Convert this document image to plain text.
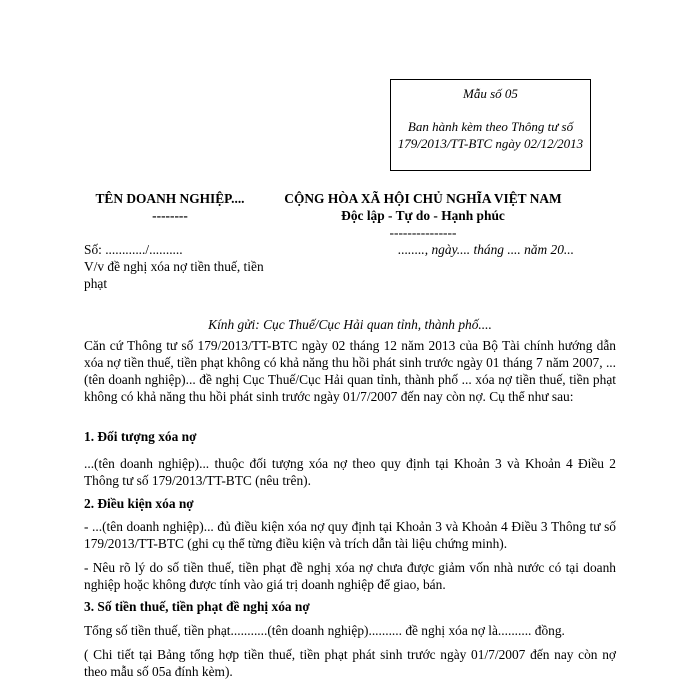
Mẫu số 05
Ban hành kèm theo Thông tư số 179/2013/TT-BTC ngày 02/12/2013
TÊN DOANH NGHIỆP....
--------
CỘNG HÒA XÃ HỘI CHỦ NGHĨA VIỆT NAM
Độc lập - Tự do - Hạnh phúc
---------------
Số: ............/..........	........, ngày.... tháng .... năm 20...
V/v đề nghị xóa nợ tiền thuế, tiền phạt
Kính gửi: Cục Thuế/Cục Hải quan tỉnh, thành phố....
Căn cứ Thông tư số 179/2013/TT-BTC ngày 02 tháng 12 năm 2013 của Bộ Tài chính hướng dẫn xóa nợ tiền thuế, tiền phạt không có khả năng thu hồi phát sinh trước ngày 01 tháng 7 năm 2007, ...(tên doanh nghiệp)... đề nghị Cục Thuế/Cục Hải quan tỉnh, thành phố ... xóa nợ tiền thuế, tiền phạt không có khả năng thu hồi phát sinh trước ngày 01/7/2007 đến nay còn nợ. Cụ thể như sau:
1. Đối tượng xóa nợ
...(tên doanh nghiệp)... thuộc đối tượng xóa nợ theo quy định tại Khoản 3 và Khoản 4 Điều 2 Thông tư số 179/2013/TT-BTC (nêu trên).
2. Điều kiện xóa nợ
- ...(tên doanh nghiệp)... đủ điều kiện xóa nợ quy định tại Khoản 3 và Khoản 4 Điều 3 Thông tư số 179/2013/TT-BTC (ghi cụ thể từng điều kiện và trích dẫn tài liệu chứng minh).
- Nêu rõ lý do số tiền thuế, tiền phạt đề nghị xóa nợ chưa được giảm vốn nhà nước có tại doanh nghiệp hoặc không được tính vào giá trị doanh nghiệp để giao, bán.
3. Số tiền thuế, tiền phạt đề nghị xóa nợ
Tổng số tiền thuế, tiền phạt...........(tên doanh nghiệp).......... đề nghị xóa nợ là.......... đồng.
( Chi tiết tại Bảng tổng hợp tiền thuế, tiền phạt phát sinh trước ngày 01/7/2007 đến nay còn nợ theo mẫu số 05a đính kèm).
